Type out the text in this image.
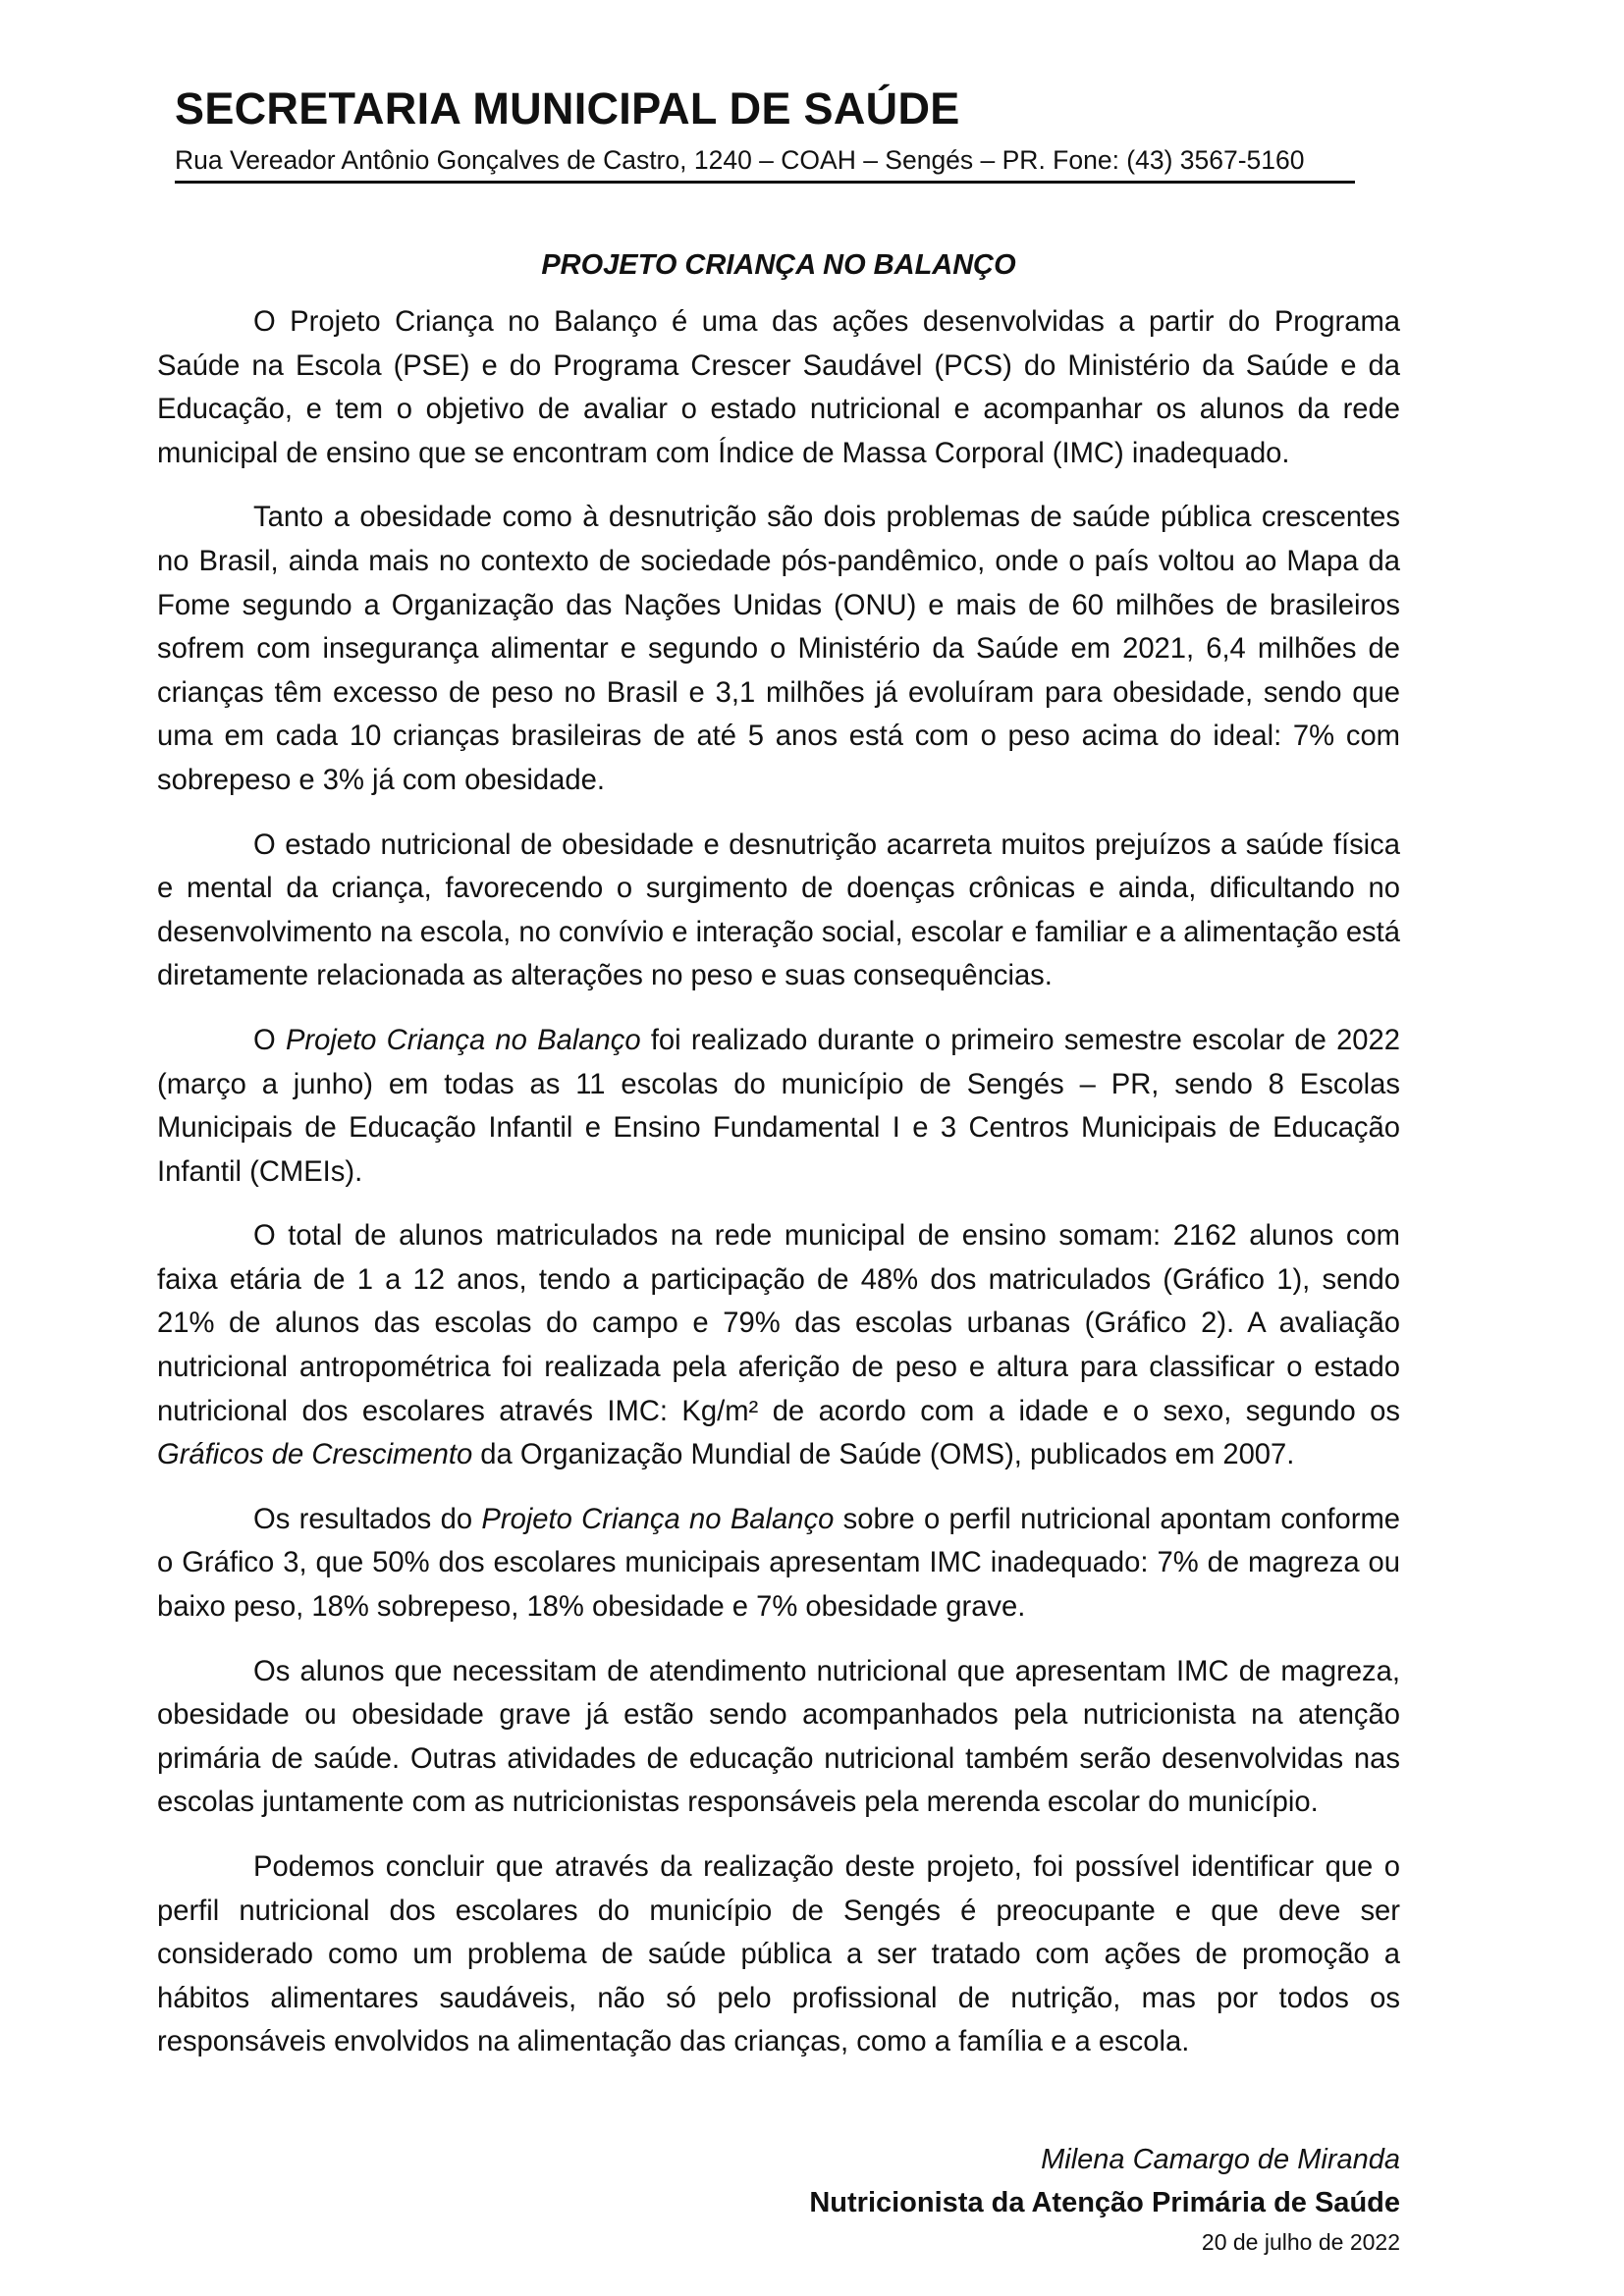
SECRETARIA MUNICIPAL DE SAÚDE
Rua Vereador Antônio Gonçalves de Castro, 1240 – COAH – Sengés – PR. Fone: (43) 3567-5160
PROJETO CRIANÇA NO BALANÇO

O Projeto Criança no Balanço é uma das ações desenvolvidas a partir do Programa Saúde na Escola (PSE) e do Programa Crescer Saudável (PCS) do Ministério da Saúde e da Educação, e tem o objetivo de avaliar o estado nutricional e acompanhar os alunos da rede municipal de ensino que se encontram com Índice de Massa Corporal (IMC) inadequado.

Tanto a obesidade como à desnutrição são dois problemas de saúde pública crescentes no Brasil, ainda mais no contexto de sociedade pós-pandêmico, onde o país voltou ao Mapa da Fome segundo a Organização das Nações Unidas (ONU) e mais de 60 milhões de brasileiros sofrem com insegurança alimentar e segundo o Ministério da Saúde em 2021, 6,4 milhões de crianças têm excesso de peso no Brasil e 3,1 milhões já evoluíram para obesidade, sendo que uma em cada 10 crianças brasileiras de até 5 anos está com o peso acima do ideal: 7% com sobrepeso e 3% já com obesidade.

O estado nutricional de obesidade e desnutrição acarreta muitos prejuízos a saúde física e mental da criança, favorecendo o surgimento de doenças crônicas e ainda, dificultando no desenvolvimento na escola, no convívio e interação social, escolar e familiar e a alimentação está diretamente relacionada as alterações no peso e suas consequências.

O Projeto Criança no Balanço foi realizado durante o primeiro semestre escolar de 2022 (março a junho) em todas as 11 escolas do município de Sengés – PR, sendo 8 Escolas Municipais de Educação Infantil e Ensino Fundamental I e 3 Centros Municipais de Educação Infantil (CMEIs).

O total de alunos matriculados na rede municipal de ensino somam: 2162 alunos com faixa etária de 1 a 12 anos, tendo a participação de 48% dos matriculados (Gráfico 1), sendo 21% de alunos das escolas do campo e 79% das escolas urbanas (Gráfico 2). A avaliação nutricional antropométrica foi realizada pela aferição de peso e altura para classificar o estado nutricional dos escolares através IMC: Kg/m² de acordo com a idade e o sexo, segundo os Gráficos de Crescimento da Organização Mundial de Saúde (OMS), publicados em 2007.

Os resultados do Projeto Criança no Balanço sobre o perfil nutricional apontam conforme o Gráfico 3, que 50% dos escolares municipais apresentam IMC inadequado: 7% de magreza ou baixo peso, 18% sobrepeso, 18% obesidade e 7% obesidade grave.

Os alunos que necessitam de atendimento nutricional que apresentam IMC de magreza, obesidade ou obesidade grave já estão sendo acompanhados pela nutricionista na atenção primária de saúde. Outras atividades de educação nutricional também serão desenvolvidas nas escolas juntamente com as nutricionistas responsáveis pela merenda escolar do município.

Podemos concluir que através da realização deste projeto, foi possível identificar que o perfil nutricional dos escolares do município de Sengés é preocupante e que deve ser considerado como um problema de saúde pública a ser tratado com ações de promoção a hábitos alimentares saudáveis, não só pelo profissional de nutrição, mas por todos os responsáveis envolvidos na alimentação das crianças, como a família e a escola.

Milena Camargo de Miranda
Nutricionista da Atenção Primária de Saúde
20 de julho de 2022
